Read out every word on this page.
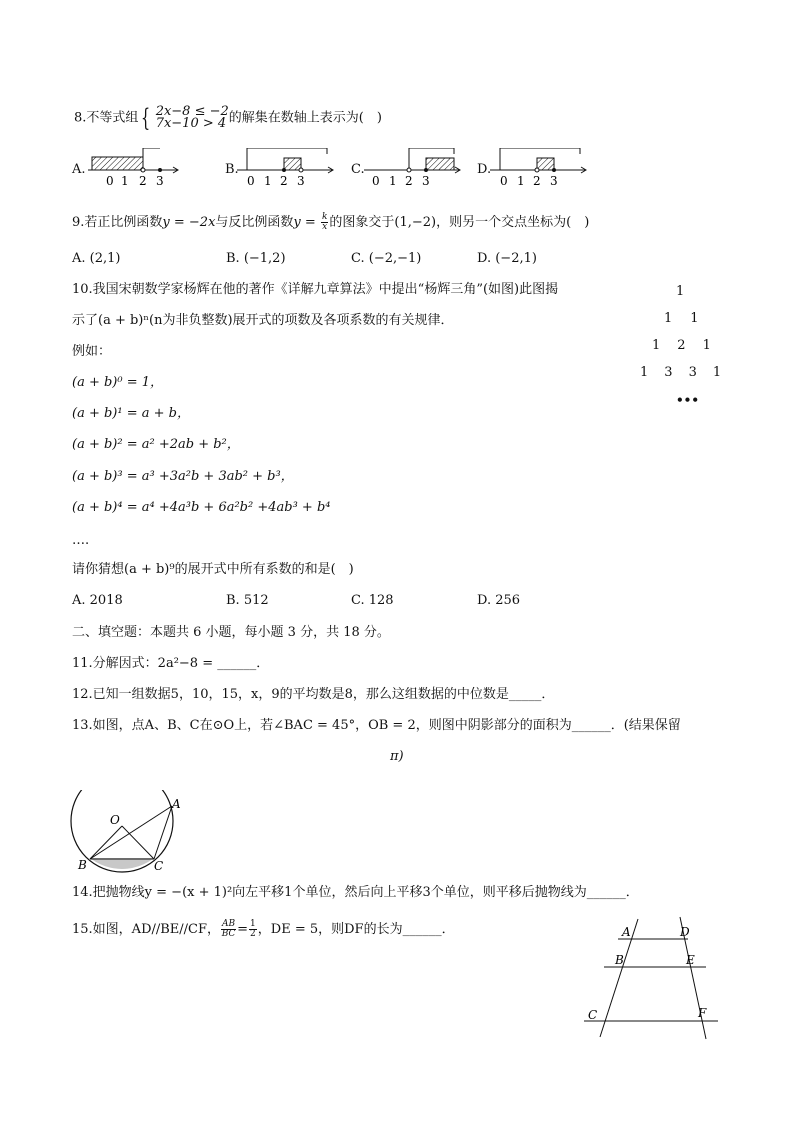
8.不等式组 { 2x−8 ≤ −2
7x−10 > 4 的解集在数轴上表示为(　)
A.
0 1 2 3
B.
0 1 2 3
C.
0 1 2 3
D.
0 1 2 3
9.若正比例函数y = −2x与反比例函数$y = \frac{k}{x}$ 的图象交于(1,−2)，则另一个交点坐标为(　)
A. (2,1)	B. (−1,2)	C. (−2,−1)	D. (−2,1)
10.我国宋朝数学家杨辉在他的著作《详解九章算法》中提出“杨辉三角”(如图)此图揭
示了(a + b)ⁿ(n为非负整数)展开式的项数及各项系数的有关规律．
例如：
(a + b)⁰ = 1，
(a + b)¹ = a + b，
(a + b)² = a² +2ab + b²，
(a + b)³ = a³ +3a²b + 3ab² + b³，
(a + b)⁴ = a⁴ +4a³b + 6a²b² +4ab³ + b⁴
….
请你猜想(a + b)⁹的展开式中所有系数的和是(　)
A. 2018	B. 512	C. 128	D. 256
1
1 1
1 2 1
1 3 3 1
•••
二、填空题：本题共 6 小题，每小题 3 分，共 18 分。
11.分解因式：2a²−8 = ______．
12.已知一组数据5，10，15，x，9的平均数是8，那么这组数据的中位数是_____．
13.如图，点A、B、C在⊙O上，若∠BAC = 45°，OB = 2，则图中阴影部分的面积为______．(结果保留
π)
O
A
B	C
14.把抛物线y = −(x + 1)²向左平移1个单位，然后向上平移3个单位，则平移后抛物线为______．
15.如图，AD//BE//CF， $\frac{AB}{BC} = \frac{1}{2}$ ，DE = 5，则DF的长为______．	A	D
B	E
C	F
